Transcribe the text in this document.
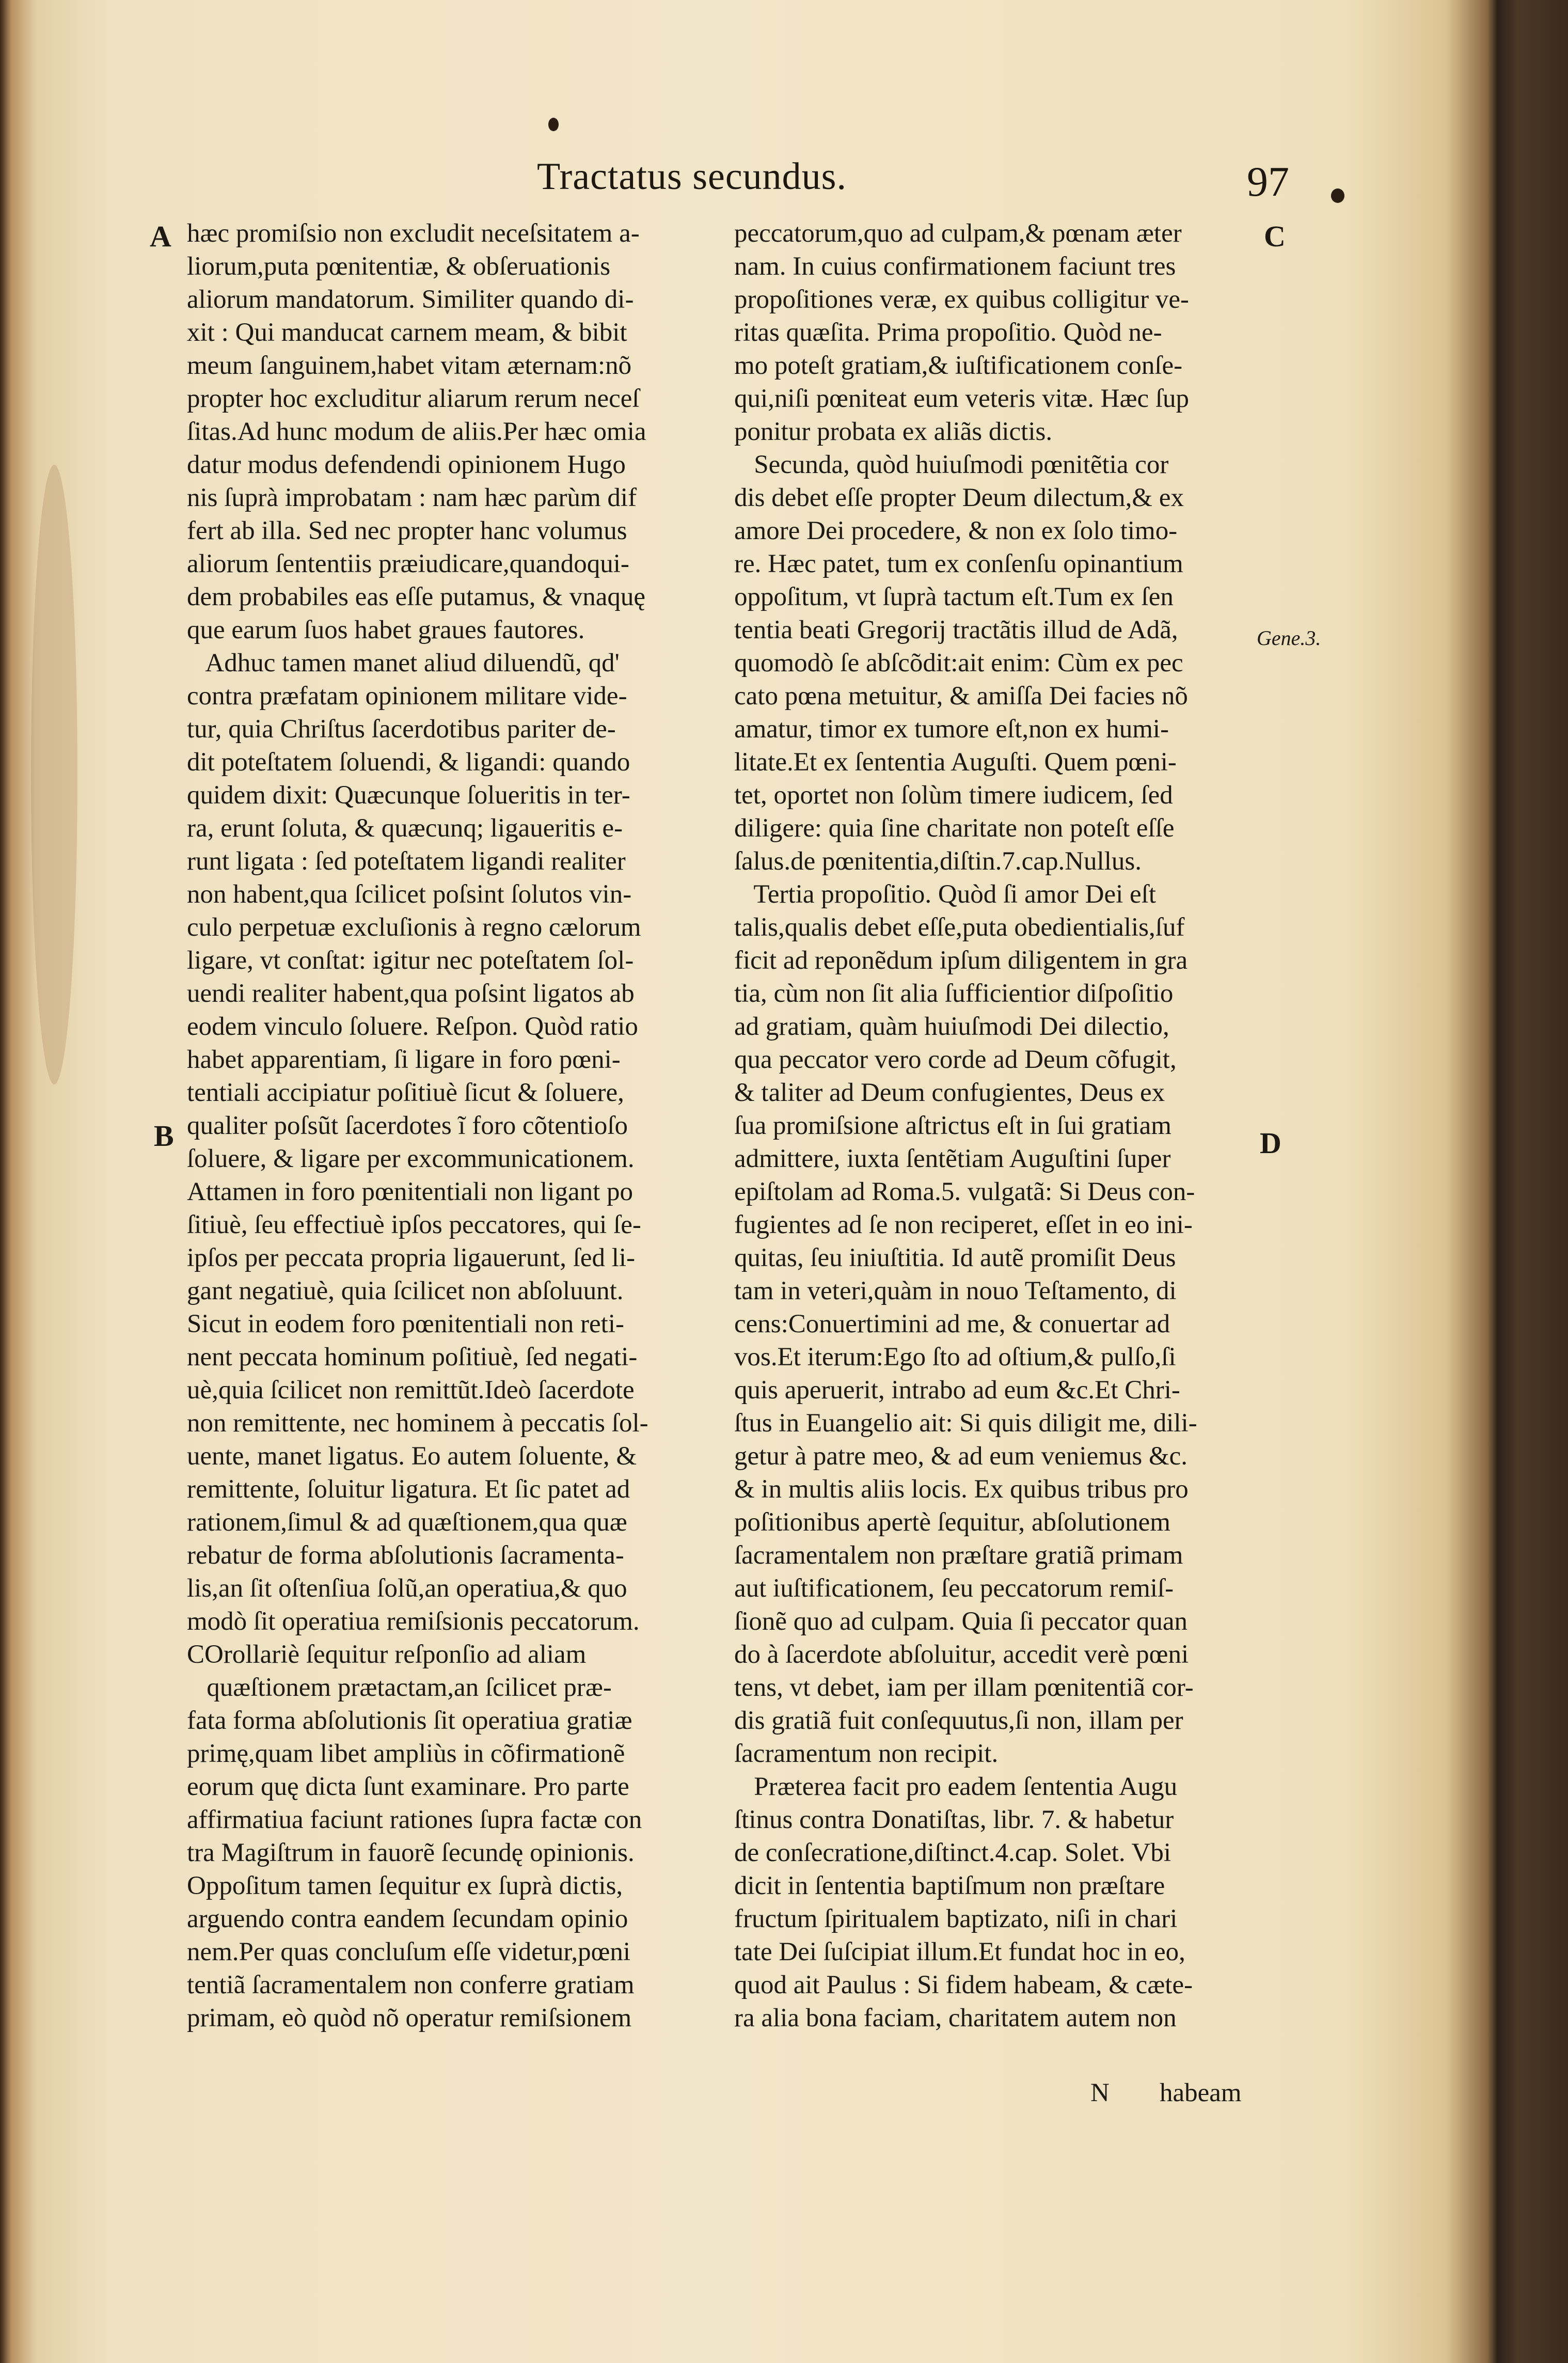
Tractatus secundus.	97
A
B
C
D
Gene.3.
hæc promiſsio non excludit neceſsitatem a-
liorum,puta pœnitentiæ, & obſeruationis
aliorum mandatorum. Similiter quando di-
xit : Qui manducat carnem meam, & bibit
meum ſanguinem,habet vitam æternam:nõ
propter hoc excluditur aliarum rerum neceſ
ſitas.Ad hunc modum de aliis.Per hæc omia
datur modus defendendi opinionem Hugo
nis ſuprà improbatam : nam hæc parùm dif
fert ab illa. Sed nec propter hanc volumus
aliorum ſententiis præiudicare,quandoqui-
dem probabiles eas eſſe putamus, & vnaquę
que earum ſuos habet graues fautores.
Adhuc tamen manet aliud diluendũ, qd'
contra præfatam opinionem militare vide-
tur, quia Chriſtus ſacerdotibus pariter de-
dit poteſtatem ſoluendi, & ligandi: quando
quidem dixit: Quæcunque ſolueritis in ter-
ra, erunt ſoluta, & quæcunq; ligaueritis e-
runt ligata : ſed poteſtatem ligandi realiter
non habent,qua ſcilicet poſsint ſolutos vin-
culo perpetuæ excluſionis à regno cælorum
ligare, vt conſtat: igitur nec poteſtatem ſol-
uendi realiter habent,qua poſsint ligatos ab
eodem vinculo ſoluere. Reſpon. Quòd ratio
habet apparentiam, ſi ligare in foro pœni-
tentiali accipiatur poſitiuè ſicut & ſoluere,
qualiter poſsũt ſacerdotes ĩ foro cõtentioſo
ſoluere, & ligare per excommunicationem.
Attamen in foro pœnitentiali non ligant po
ſitiuè, ſeu effectiuè ipſos peccatores, qui ſe-
ipſos per peccata propria ligauerunt, ſed li-
gant negatiuè, quia ſcilicet non abſoluunt.
Sicut in eodem foro pœnitentiali non reti-
nent peccata hominum poſitiuè, ſed negati-
uè,quia ſcilicet non remittũt.Ideò ſacerdote
non remittente, nec hominem à peccatis ſol-
uente, manet ligatus. Eo autem ſoluente, &
remittente, ſoluitur ligatura. Et ſic patet ad
rationem,ſimul & ad quæſtionem,qua quæ
rebatur de forma abſolutionis ſacramenta-
lis,an ſit oſtenſiua ſolũ,an operatiua,& quo
modò ſit operatiua remiſsionis peccatorum.
COrollariè ſequitur reſponſio ad aliam
quæſtionem prætactam,an ſcilicet præ-
fata forma abſolutionis ſit operatiua gratiæ
primę,quam libet ampliùs in cõfirmationẽ
eorum quę dicta ſunt examinare. Pro parte
affirmatiua faciunt rationes ſupra factæ con
tra Magiſtrum in fauorẽ ſecundę opinionis.
Oppoſitum tamen ſequitur ex ſuprà dictis,
arguendo contra eandem ſecundam opinio
nem.Per quas concluſum eſſe videtur,pœni
tentiã ſacramentalem non conferre gratiam
primam, eò quòd nõ operatur remiſsionem
peccatorum,quo ad culpam,& pœnam æter
nam. In cuius confirmationem faciunt tres
propoſitiones veræ, ex quibus colligitur ve-
ritas quæſita. Prima propoſitio. Quòd ne-
mo poteſt gratiam,& iuſtificationem conſe-
qui,niſi pœniteat eum veteris vitæ. Hæc ſup
ponitur probata ex aliãs dictis.
Secunda, quòd huiuſmodi pœnitẽtia cor
dis debet eſſe propter Deum dilectum,& ex
amore Dei procedere, & non ex ſolo timo-
re. Hæc patet, tum ex conſenſu opinantium
oppoſitum, vt ſuprà tactum eſt.Tum ex ſen
tentia beati Gregorij tractãtis illud de Adã,
quomodò ſe abſcõdit:ait enim: Cùm ex pec
cato pœna metuitur, & amiſſa Dei facies nõ
amatur, timor ex tumore eſt,non ex humi-
litate.Et ex ſententia Auguſti. Quem pœni-
tet, oportet non ſolùm timere iudicem, ſed
diligere: quia ſine charitate non poteſt eſſe
ſalus.de pœnitentia,diſtin.7.cap.Nullus.
Tertia propoſitio. Quòd ſi amor Dei eſt
talis,qualis debet eſſe,puta obedientialis,ſuf
ficit ad reponẽdum ipſum diligentem in gra
tia, cùm non ſit alia ſufficientior diſpoſitio
ad gratiam, quàm huiuſmodi Dei dilectio,
qua peccator vero corde ad Deum cõfugit,
& taliter ad Deum confugientes, Deus ex
ſua promiſsione aſtrictus eſt in ſui gratiam
admittere, iuxta ſentẽtiam Auguſtini ſuper
epiſtolam ad Roma.5. vulgatã: Si Deus con-
fugientes ad ſe non reciperet, eſſet in eo ini-
quitas, ſeu iniuſtitia. Id autẽ promiſit Deus
tam in veteri,quàm in nouo Teſtamento, di
cens:Conuertimini ad me, & conuertar ad
vos.Et iterum:Ego ſto ad oſtium,& pulſo,ſi
quis aperuerit, intrabo ad eum &c.Et Chri-
ſtus in Euangelio ait: Si quis diligit me, dili-
getur à patre meo, & ad eum veniemus &c.
& in multis aliis locis. Ex quibus tribus pro
poſitionibus apertè ſequitur, abſolutionem
ſacramentalem non præſtare gratiã primam
aut iuſtificationem, ſeu peccatorum remiſ-
ſionẽ quo ad culpam. Quia ſi peccator quan
do à ſacerdote abſoluitur, accedit verè pœni
tens, vt debet, iam per illam pœnitentiã cor-
dis gratiã fuit conſequutus,ſi non, illam per
ſacramentum non recipit.
Præterea facit pro eadem ſententia Augu
ſtinus contra Donatiſtas, libr. 7. & habetur
de conſecratione,diſtinct.4.cap. Solet. Vbi
dicit in ſententia baptiſmum non præſtare
fructum ſpiritualem baptizato, niſi in chari
tate Dei ſuſcipiat illum.Et fundat hoc in eo,
quod ait Paulus : Si fidem habeam, & cæte-
ra alia bona faciam, charitatem autem non
N habeam
